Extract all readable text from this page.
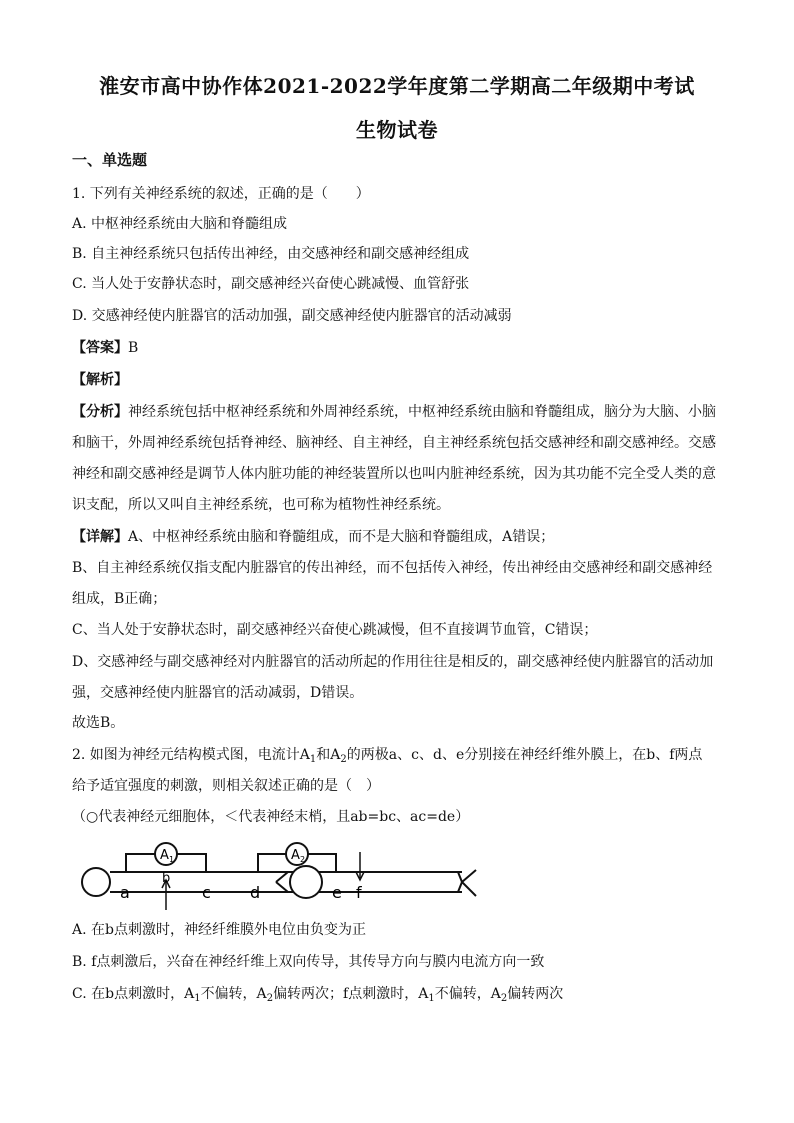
淮安市高中协作体2021-2022学年度第二学期高二年级期中考试
生物试卷
一、单选题
1. 下列有关神经系统的叙述，正确的是（　　）
A. 中枢神经系统由大脑和脊髓组成
B. 自主神经系统只包括传出神经，由交感神经和副交感神经组成
C. 当人处于安静状态时，副交感神经兴奋使心跳减慢、血管舒张
D. 交感神经使内脏器官的活动加强，副交感神经使内脏器官的活动减弱
【答案】B
【解析】
【分析】神经系统包括中枢神经系统和外周神经系统，中枢神经系统由脑和脊髓组成，脑分为大脑、小脑
和脑干，外周神经系统包括脊神经、脑神经、自主神经，自主神经系统包括交感神经和副交感神经。交感
神经和副交感神经是调节人体内脏功能的神经装置所以也叫内脏神经系统，因为其功能不完全受人类的意
识支配，所以又叫自主神经系统，也可称为植物性神经系统。
【详解】A、中枢神经系统由脑和脊髓组成，而不是大脑和脊髓组成，A错误；
B、自主神经系统仅指支配内脏器官的传出神经，而不包括传入神经，传出神经由交感神经和副交感神经
组成，B正确；
C、当人处于安静状态时，副交感神经兴奋使心跳减慢，但不直接调节血管，C错误；
D、交感神经与副交感神经对内脏器官的活动所起的作用往往是相反的，副交感神经使内脏器官的活动加
强，交感神经使内脏器官的活动减弱，D错误。
故选B。
2. 如图为神经元结构模式图，电流计$A_1$和$A_2$的两极a、c、d、e分别接在神经纤维外膜上，在b、f两点
给予适宜强度的刺激，则相关叙述正确的是（　）
（○代表神经元细胞体，＜代表神经末梢，且ab=bc、ac=de）
A 1	A 2
a
b
c d	e f
A. 在b点刺激时，神经纤维膜外电位由负变为正
B. f点刺激后，兴奋在神经纤维上双向传导，其传导方向与膜内电流方向一致
C. 在b点刺激时，$A_1$不偏转，$A_2$偏转两次；f点刺激时，$A_1$不偏转，$A_2$偏转两次
